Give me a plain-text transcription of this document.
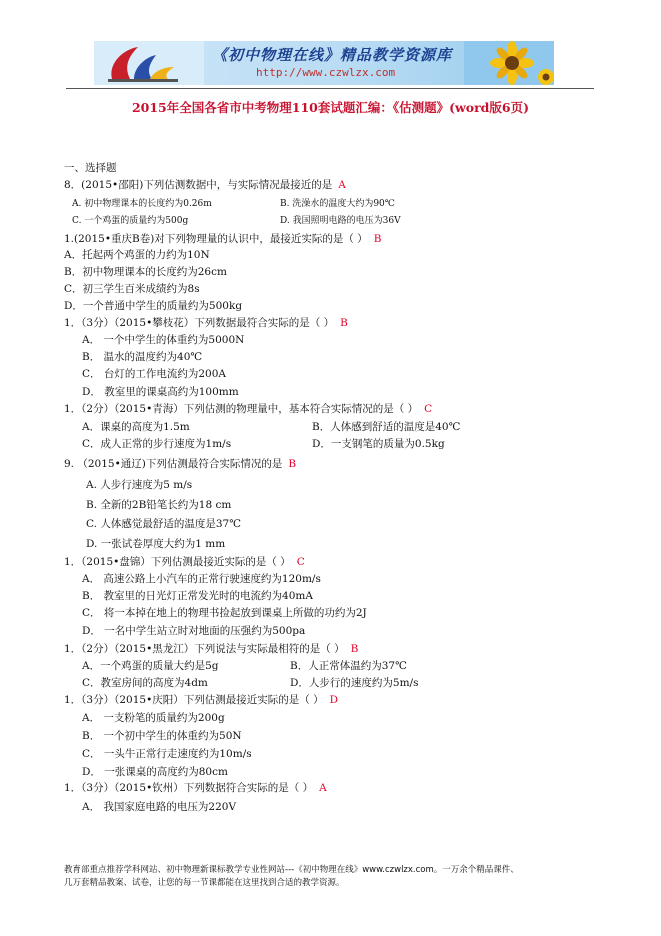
《初中物理在线》精品教学资源库
http://www.czwlzx.com
2015年全国各省市中考物理110套试题汇编：《估测题》(word版6页)
一、选择题
8．(2015•邵阳)下列估测数据中，与实际情况最接近的是 A
A. 初中物理课本的长度约为0.26m	B. 洗澡水的温度大约为90℃
C. 一个鸡蛋的质量约为500g	D. 我国照明电路的电压为36V
1.(2015•重庆B卷)对下列物理量的认识中，最接近实际的是（ ） B
A．托起两个鸡蛋的力约为10N
B．初中物理课本的长度约为26cm
C．初三学生百米成绩约为8s
D．一个普通中学生的质量约为500kg
1．（3分）（2015•攀枝花）下列数据最符合实际的是（ ） B
A． 一个中学生的体重约为5000N
B． 温水的温度约为40℃
C． 台灯的工作电流约为200A
D． 教室里的课桌高约为100mm
1．（2分）（2015•青海）下列估测的物理量中，基本符合实际情况的是（ ） C
A．课桌的高度为1.5m	B．人体感到舒适的温度是40℃
C．成人正常的步行速度为1m/s	D．一支钢笔的质量为0.5kg
9. （2015•通辽)下列估测最符合实际情况的是 B
A. 人步行速度为5 m/s
B. 全新的2B铅笔长约为18 cm
C. 人体感觉最舒适的温度是37℃
D. 一张试卷厚度大约为1 mm
1．（2015•盘锦）下列估测最接近实际的是（ ） C
A． 高速公路上小汽车的正常行驶速度约为120m/s
B． 教室里的日光灯正常发光时的电流约为40mA
C． 将一本掉在地上的物理书捡起放到课桌上所做的功约为2J
D． 一名中学生站立时对地面的压强约为500pa
1．（2分）（2015•黑龙江）下列说法与实际最相符的是（ ） B
A．一个鸡蛋的质量大约是5g	B．人正常体温约为37℃
C．教室房间的高度为4dm	D．人步行的速度约为5m/s
1．（3分）（2015•庆阳）下列估测最接近实际的是（ ） D
A． 一支粉笔的质量约为200g
B． 一个初中学生的体重约为50N
C． 一头牛正常行走速度约为10m/s
D． 一张课桌的高度约为80cm
1．（3分）（2015•钦州）下列数据符合实际的是（ ） A
A． 我国家庭电路的电压为220V
教育部重点推荐学科网站、初中物理新课标教学专业性网站---《初中物理在线》www.czwlzx.com。一万余个精品课件、
几万套精品教案、试卷，让您的每一节课都能在这里找到合适的教学资源。
